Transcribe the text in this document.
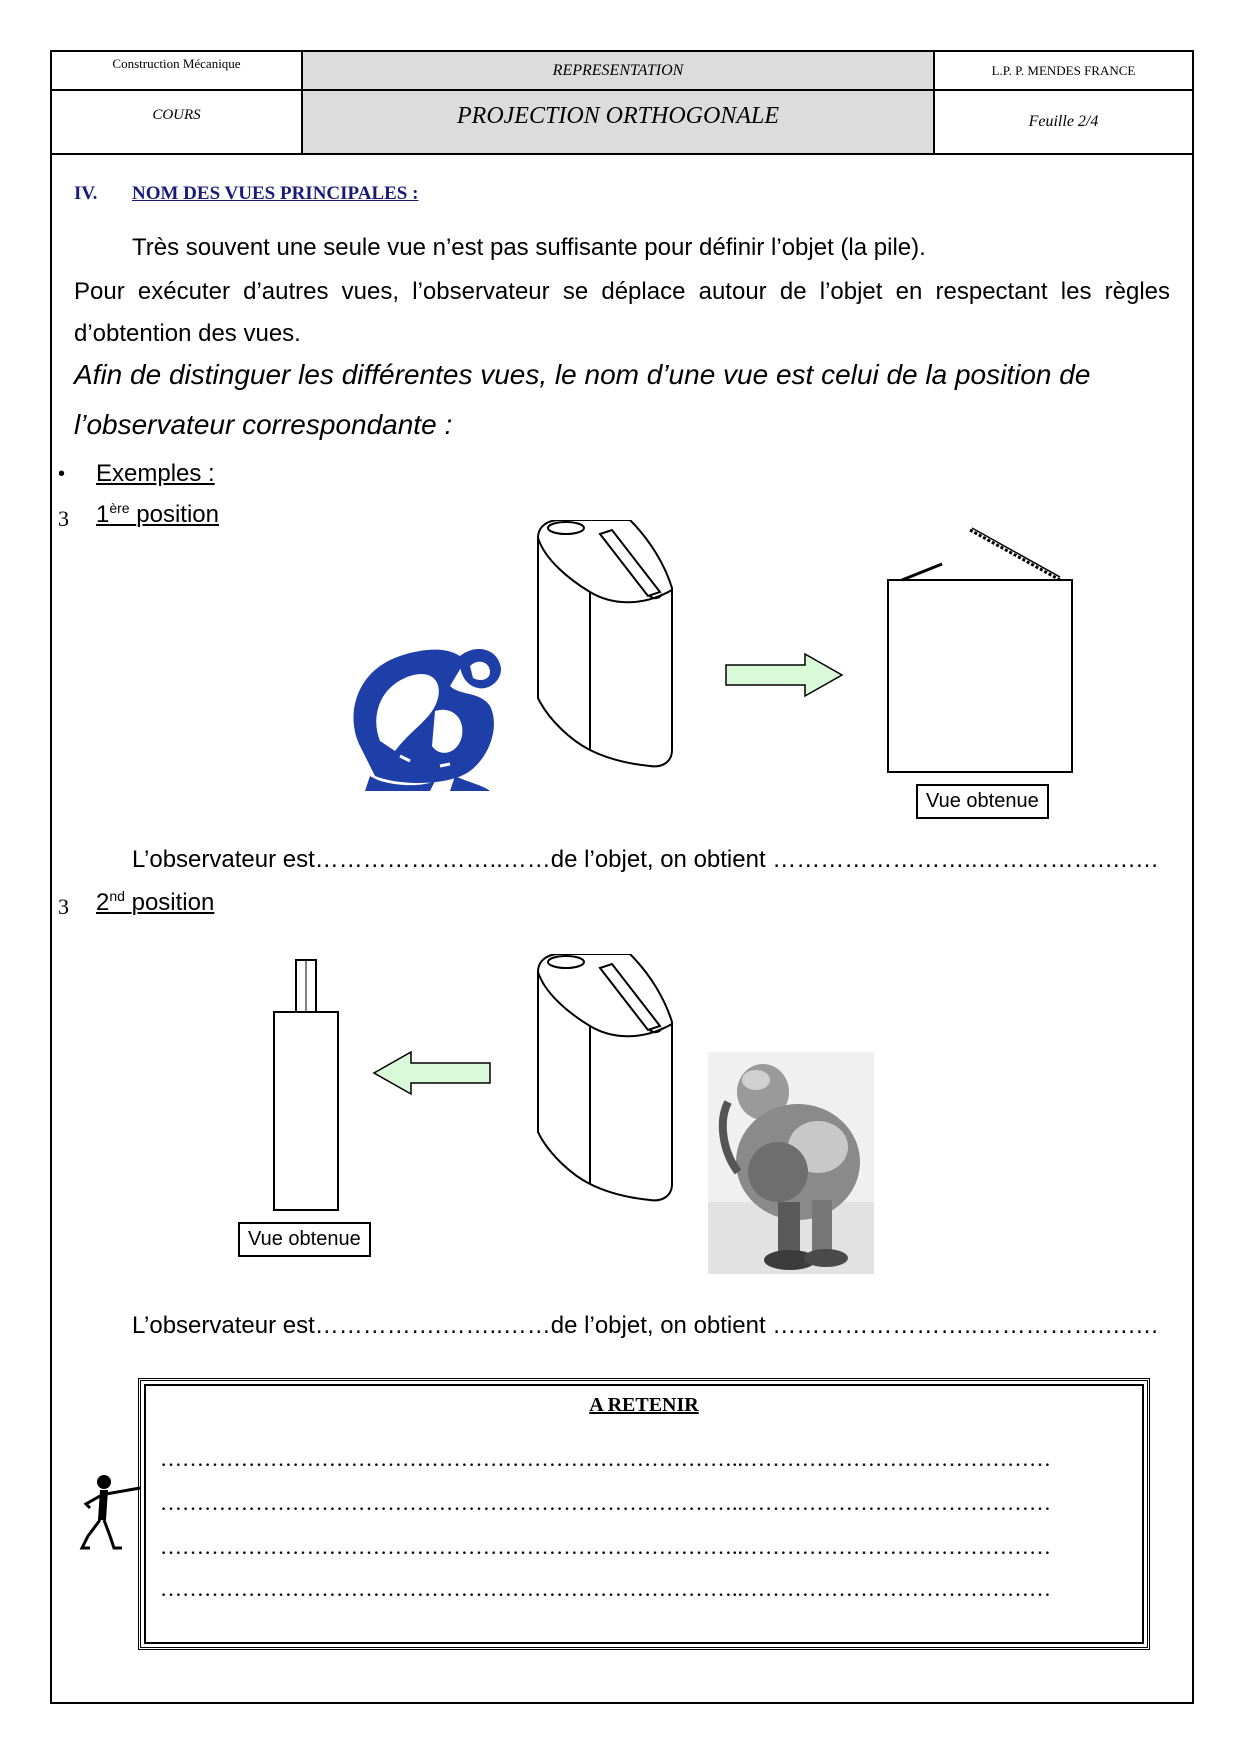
Construction Mécanique	REPRESENTATION	L.P. P. MENDES FRANCE
COURS	PROJECTION ORTHOGONALE	Feuille 2/4
IV. NOM DES VUES PRINCIPALES :
Très souvent une seule vue n’est pas suffisante pour définir l’objet (la pile).
Pour exécuter d’autres vues, l’observateur se déplace autour de l’objet en respectant les règles
d’obtention des vues.
Afin de distinguer les différentes vues, le nom d’une vue est celui de la position de
l’observateur correspondante :
• Exemples :
3 1ère position
Vue obtenue
L’observateur est…………….……..……de l’objet, on obtient ……………………..…………….….…
3 2nd position
Vue obtenue
L’observateur est…………….……..……de l’objet, on obtient ……………………..…………….….…
A RETENIR
……………………………………………………………………..……………………………………
……………………………………………………………………..……………………………………
……………………………………………………………………..……………………………………
……………………………………………………………………..……………………………………
